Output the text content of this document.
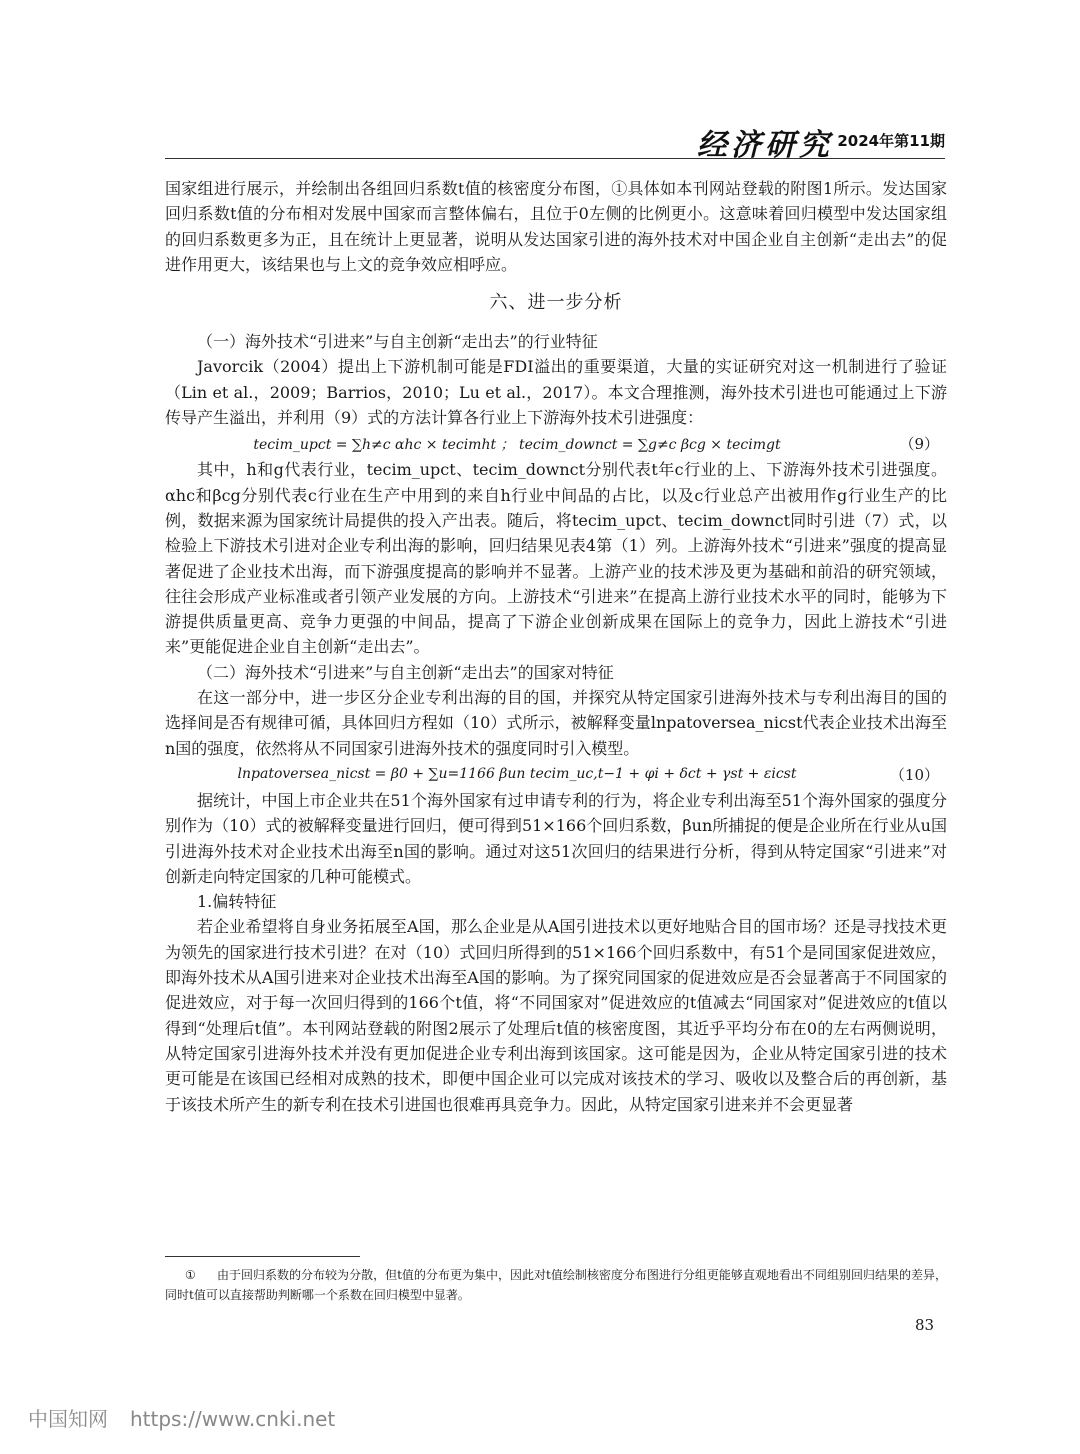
经济研究 2024年第11期

国家组进行展示，并绘制出各组回归系数t值的核密度分布图，①具体如本刊网站登载的附图1所示。发达国家回归系数t值的分布相对发展中国家而言整体偏右，且位于0左侧的比例更小。这意味着回归模型中发达国家组的回归系数更多为正，且在统计上更显著，说明从发达国家引进的海外技术对中国企业自主创新“走出去”的促进作用更大，该结果也与上文的竞争效应相呼应。

六、进一步分析

（一）海外技术“引进来”与自主创新“走出去”的行业特征

Javorcik（2004）提出上下游机制可能是FDI溢出的重要渠道，大量的实证研究对这一机制进行了验证（Lin et al.，2009；Barrios，2010；Lu et al.，2017）。本文合理推测，海外技术引进也可能通过上下游传导产生溢出，并利用（9）式的方法计算各行业上下游海外技术引进强度：

tecim_upct = ∑h≠c αhc × tecimht ； tecim_downct = ∑g≠c βcg × tecimgt	（9）

其中，h和g代表行业，tecim_upct、tecim_downct分别代表t年c行业的上、下游海外技术引进强度。αhc和βcg分别代表c行业在生产中用到的来自h行业中间品的占比，以及c行业总产出被用作g行业生产的比例，数据来源为国家统计局提供的投入产出表。随后，将tecim_upct、tecim_downct同时引进（7）式，以检验上下游技术引进对企业专利出海的影响，回归结果见表4第（1）列。上游海外技术“引进来”强度的提高显著促进了企业技术出海，而下游强度提高的影响并不显著。上游产业的技术涉及更为基础和前沿的研究领域，往往会形成产业标准或者引领产业发展的方向。上游技术“引进来”在提高上游行业技术水平的同时，能够为下游提供质量更高、竞争力更强的中间品，提高了下游企业创新成果在国际上的竞争力，因此上游技术“引进来”更能促进企业自主创新“走出去”。

（二）海外技术“引进来”与自主创新“走出去”的国家对特征

在这一部分中，进一步区分企业专利出海的目的国，并探究从特定国家引进海外技术与专利出海目的国的选择间是否有规律可循，具体回归方程如（10）式所示，被解释变量lnpatoversea_nicst代表企业技术出海至n国的强度，依然将从不同国家引进海外技术的强度同时引入模型。

lnpatoversea_nicst = β0 + ∑u=1166 βun tecim_uc,t−1 + φi + δct + γst + εicst	（10）

据统计，中国上市企业共在51个海外国家有过申请专利的行为，将企业专利出海至51个海外国家的强度分别作为（10）式的被解释变量进行回归，便可得到51×166个回归系数，βun所捕捉的便是企业所在行业从u国引进海外技术对企业技术出海至n国的影响。通过对这51次回归的结果进行分析，得到从特定国家“引进来”对创新走向特定国家的几种可能模式。

1.偏转特征

若企业希望将自身业务拓展至A国，那么企业是从A国引进技术以更好地贴合目的国市场？还是寻找技术更为领先的国家进行技术引进？在对（10）式回归所得到的51×166个回归系数中，有51个是同国家促进效应，即海外技术从A国引进来对企业技术出海至A国的影响。为了探究同国家的促进效应是否会显著高于不同国家的促进效应，对于每一次回归得到的166个t值，将“不同国家对”促进效应的t值减去“同国家对”促进效应的t值以得到“处理后t值”。本刊网站登载的附图2展示了处理后t值的核密度图，其近乎平均分布在0的左右两侧说明，从特定国家引进海外技术并没有更加促进企业专利出海到该国家。这可能是因为，企业从特定国家引进的技术更可能是在该国已经相对成熟的技术，即便中国企业可以完成对该技术的学习、吸收以及整合后的再创新，基于该技术所产生的新专利在技术引进国也很难再具竞争力。因此，从特定国家引进来并不会更显著

① 由于回归系数的分布较为分散，但t值的分布更为集中，因此对t值绘制核密度分布图进行分组更能够直观地看出不同组别回归结果的差异，同时t值可以直接帮助判断哪一个系数在回归模型中显著。
83
中国知网 https://www.cnki.net
